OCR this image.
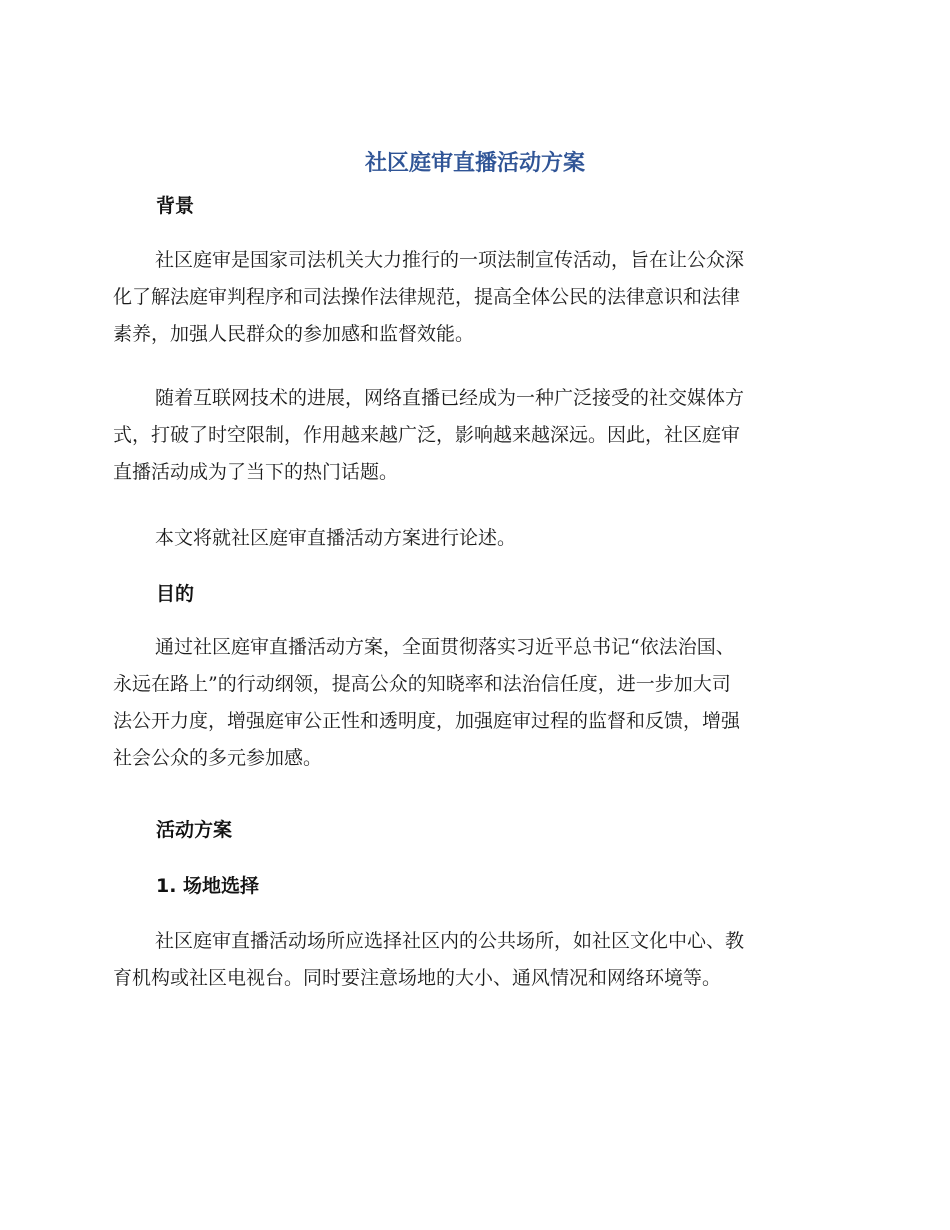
社区庭审直播活动方案
背景

社区庭审是国家司法机关大力推行的一项法制宣传活动，旨在让公众深
化了解法庭审判程序和司法操作法律规范，提高全体公民的法律意识和法律
素养，加强人民群众的参加感和监督效能。

随着互联网技术的进展，网络直播已经成为一种广泛接受的社交媒体方
式，打破了时空限制，作用越来越广泛，影响越来越深远。因此，社区庭审
直播活动成为了当下的热门话题。

本文将就社区庭审直播活动方案进行论述。

目的

通过社区庭审直播活动方案，全面贯彻落实习近平总书记“依法治国、
永远在路上”的行动纲领，提高公众的知晓率和法治信任度，进一步加大司
法公开力度，增强庭审公正性和透明度，加强庭审过程的监督和反馈，增强
社会公众的多元参加感。

活动方案
1. 场地选择

社区庭审直播活动场所应选择社区内的公共场所，如社区文化中心、教
育机构或社区电视台。同时要注意场地的大小、通风情况和网络环境等。
